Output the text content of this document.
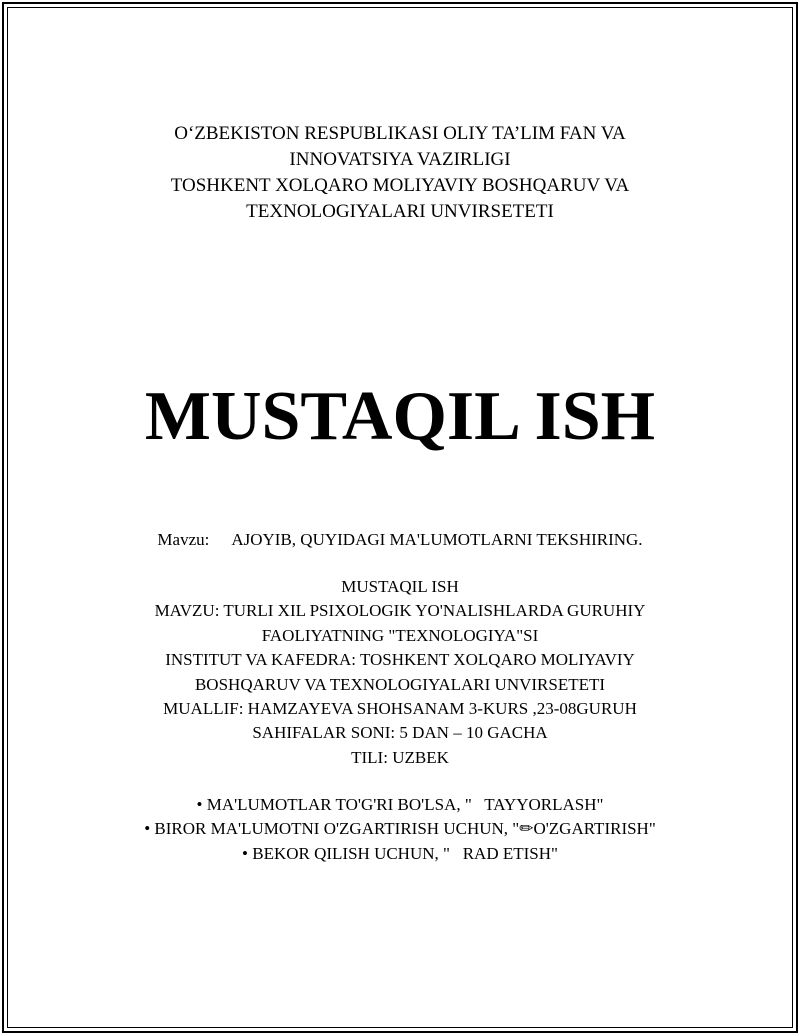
O‘ZBEKISTON RESPUBLIKASI OLIY TA’LIM FAN VA
INNOVATSIYA VAZIRLIGI
TOSHKENT XOLQARO MOLIYAVIY BOSHQARUV VA
TEXNOLOGIYALARI UNVIRSETETI
MUSTAQIL ISH
Mavzu: AJOYIB, QUYIDAGI MA'LUMOTLARNI TEKSHIRING.
MUSTAQIL ISH
MAVZU: TURLI XIL PSIXOLOGIK YO'NALISHLARDA GURUHIY
FAOLIYATNING "TEXNOLOGIYA"SI
INSTITUT VA KAFEDRA: TOSHKENT XOLQARO MOLIYAVIY
BOSHQARUV VA TEXNOLOGIYALARI UNVIRSETETI
MUALLIF: HAMZAYEVA SHOHSANAM 3-KURS ,23-08GURUH
SAHIFALAR SONI: 5 DAN – 10 GACHA
TILI: UZBEK
• MA'LUMOTLAR TO'G'RI BO'LSA, "   TAYYORLASH"
• BIROR MA'LUMOTNI O'ZGARTIRISH UCHUN, "✏O'ZGARTIRISH"
• BEKOR QILISH UCHUN, "   RAD ETISH"
